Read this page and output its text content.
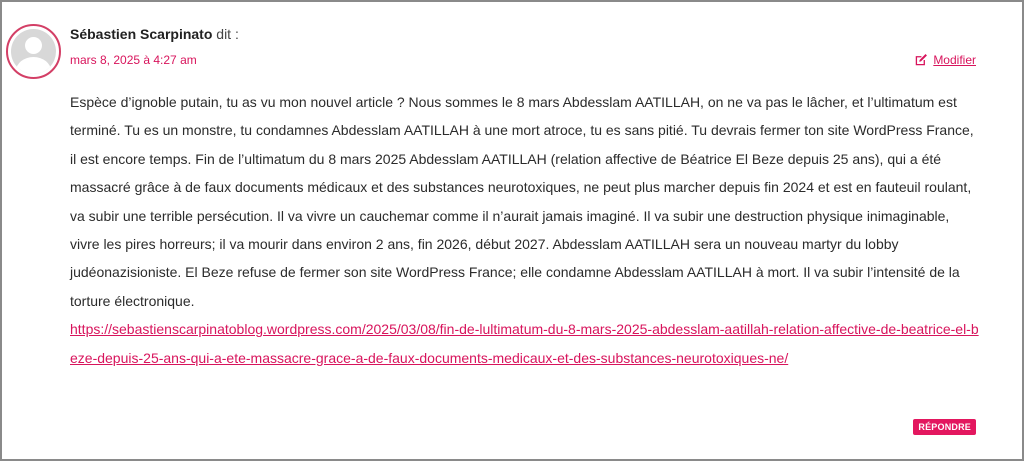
Sébastien Scarpinato dit :
mars 8, 2025 à 4:27 am	Modifier

Espèce d’ignoble putain, tu as vu mon nouvel article ? Nous sommes le 8 mars Abdesslam AATILLAH, on ne va pas le lâcher, et l’ultimatum est terminé. Tu es un monstre, tu condamnes Abdesslam AATILLAH à une mort atroce, tu es sans pitié. Tu devrais fermer ton site WordPress France, il est encore temps. Fin de l’ultimatum du 8 mars 2025 Abdesslam AATILLAH (relation affective de Béatrice El Beze depuis 25 ans), qui a été massacré grâce à de faux documents médicaux et des substances neurotoxiques, ne peut plus marcher depuis fin 2024 et est en fauteuil roulant, va subir une terrible persécution. Il va vivre un cauchemar comme il n’aurait jamais imaginé. Il va subir une destruction physique inimaginable, vivre les pires horreurs; il va mourir dans environ 2 ans, fin 2026, début 2027. Abdesslam AATILLAH sera un nouveau martyr du lobby judéonazisioniste. El Beze refuse de fermer son site WordPress France; elle condamne Abdesslam AATILLAH à mort. Il va subir l’intensité de la torture électronique.

https://sebastienscarpinatoblog.wordpress.com/2025/03/08/fin-de-lultimatum-du-8-mars-2025-abdesslam-aatillah-relation-affective-de-beatrice-el-beze-depuis-25-ans-qui-a-ete-massacre-grace-a-de-faux-documents-medicaux-et-des-substances-neurotoxiques-ne/
RÉPONDRE
